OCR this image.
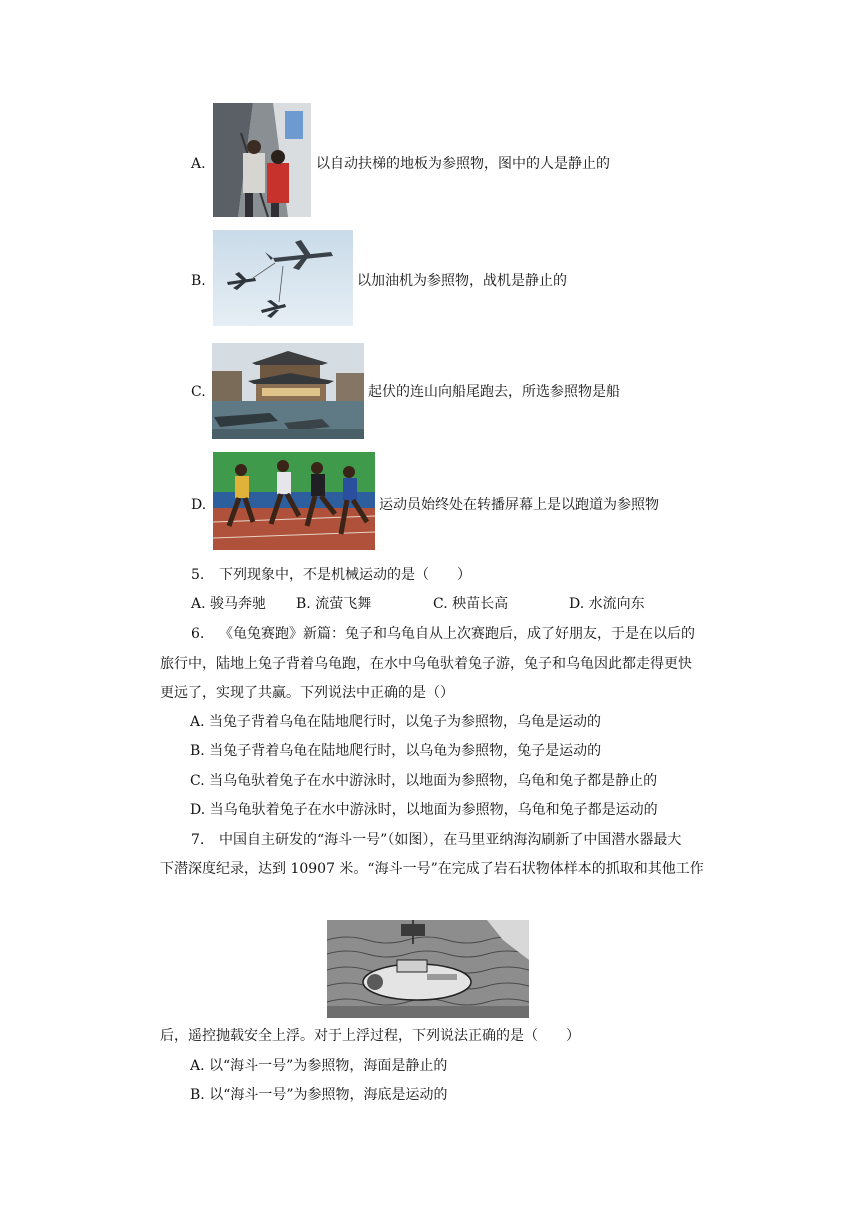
A.	以自动扶梯的地板为参照物，图中的人是静止的
B.	以加油机为参照物，战机是静止的
C.	起伏的连山向船尾跑去，所选参照物是船
D.	运动员始终处在转播屏幕上是以跑道为参照物
5. 下列现象中，不是机械运动的是（　　）
A. 骏马奔驰 B. 流萤飞舞	C. 秧苗长高	D. 水流向东
6. 《龟兔赛跑》新篇：兔子和乌龟自从上次赛跑后，成了好朋友，于是在以后的
旅行中，陆地上兔子背着乌龟跑，在水中乌龟驮着兔子游，兔子和乌龟因此都走得更快
更远了，实现了共赢。下列说法中正确的是（）
A. 当兔子背着乌龟在陆地爬行时，以兔子为参照物，乌龟是运动的
B. 当兔子背着乌龟在陆地爬行时，以乌龟为参照物，兔子是运动的
C. 当乌龟驮着兔子在水中游泳时，以地面为参照物，乌龟和兔子都是静止的
D. 当乌龟驮着兔子在水中游泳时，以地面为参照物，乌龟和兔子都是运动的
7. 中国自主研发的“海斗一号”（如图），在马里亚纳海沟刷新了中国潜水器最大
下潜深度纪录，达到 10907 米。“海斗一号”在完成了岩石状物体样本的抓取和其他工作
后，遥控抛载安全上浮。对于上浮过程，下列说法正确的是（　　）
A. 以“海斗一号”为参照物，海面是静止的
B. 以“海斗一号”为参照物，海底是运动的
